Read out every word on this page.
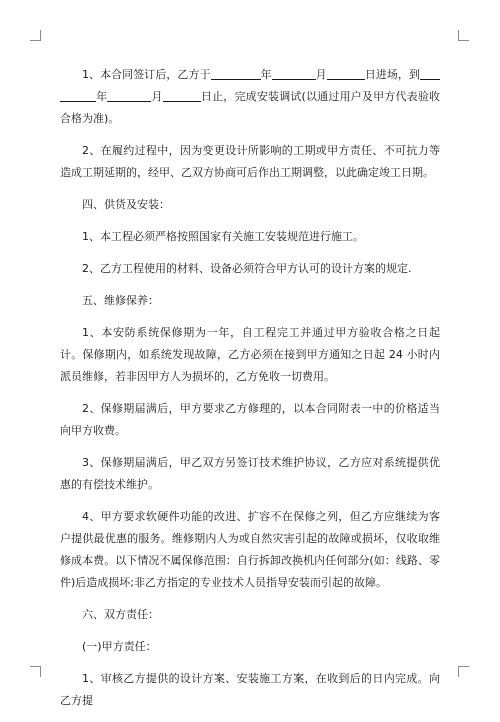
1、本合同签订后，乙方于	年	月	日进场，到年	月	日止，完成安装调试(以通过用户及甲方代表验收合格为准)。

2、在履约过程中，因为变更设计所影响的工期或甲方责任、不可抗力等造成工期延期的，经甲、乙双方协商可后作出工期调整，以此确定竣工日期。

四、供货及安装：

1、本工程必须严格按照国家有关施工安装规范进行施工。

2、乙方工程使用的材料、设备必须符合甲方认可的设计方案的规定.

五、维修保养：

1、本安防系统保修期为一年，自工程完工并通过甲方验收合格之日起计。保修期内，如系统发现故障，乙方必须在接到甲方通知之日起 24 小时内派员维修，若非因甲方人为损坏的，乙方免收一切费用。

2、保修期届满后，甲方要求乙方修理的，以本合同附表一中的价格适当向甲方收费。

3、保修期届满后，甲乙双方另签订技术维护协议，乙方应对系统提供优惠的有偿技术维护。

4、甲方要求软硬件功能的改进、扩容不在保修之列，但乙方应继续为客户提供最优惠的服务。维修期内人为或自然灾害引起的故障或损坏，仅收取维修成本费。以下情况不属保修范围：自行拆卸改换机内任何部分(如：线路、零件)后造成损坏;非乙方指定的专业技术人员指导安装而引起的故障。

六、双方责任：

(一)甲方责任：

1、审核乙方提供的设计方案、安装施工方案，在收到后的日内完成。向乙方提
